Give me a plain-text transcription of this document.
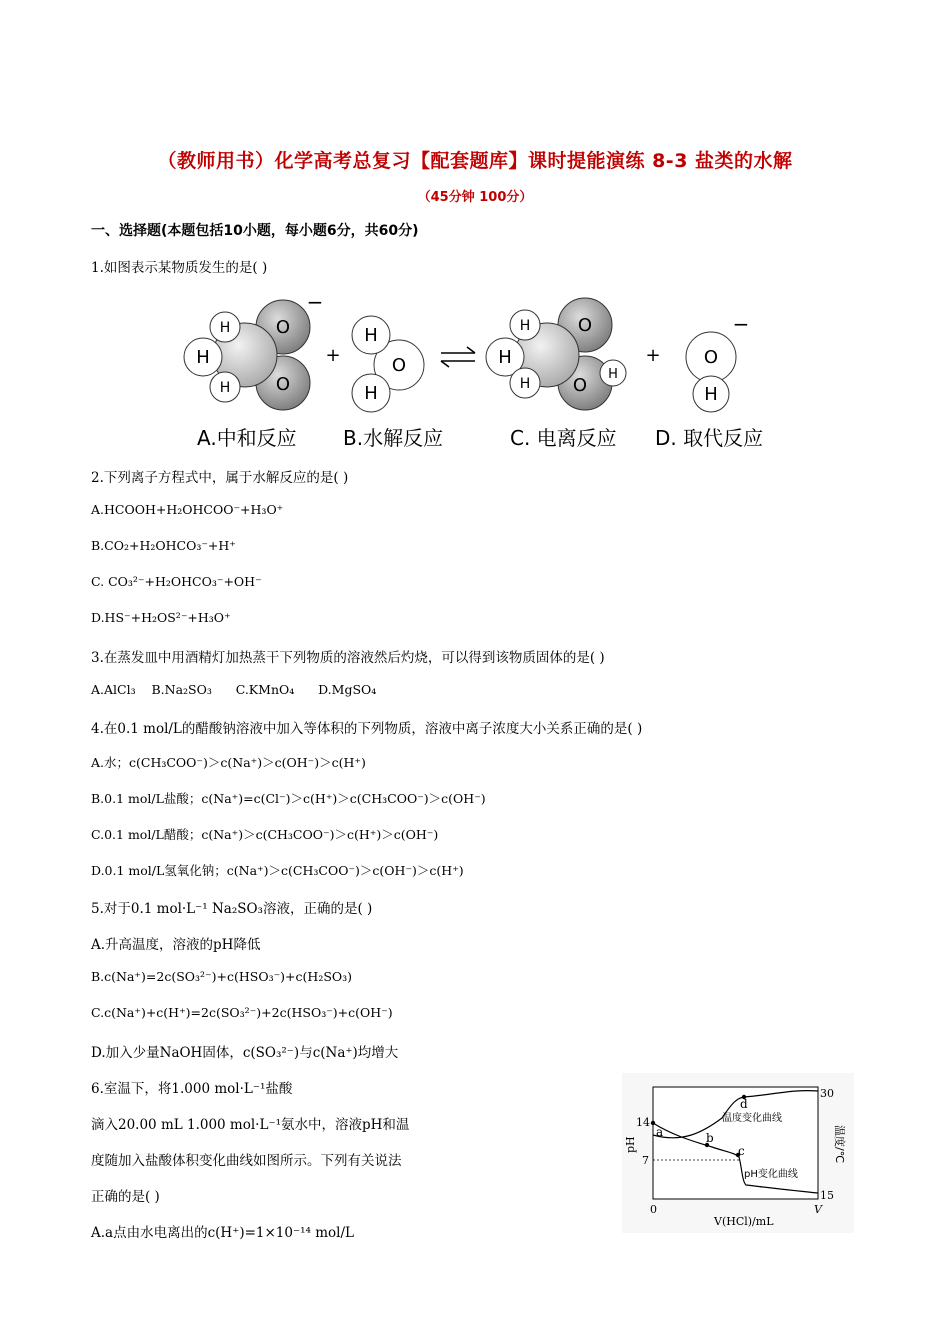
（教师用书）化学高考总复习【配套题库】课时提能演练 8-3 盐类的水解
（45分钟 100分）
一、选择题(本题包括10小题，每小题6分，共60分)
1.如图表示某物质发生的是( )
O
O
H
H
H
−
+	O
H
H
O
O
H
H
H
H
+ O
H
−
A.中和反应 B.水解反应	C. 电离反应 D. 取代反应
2.下列离子方程式中，属于水解反应的是( )
A.HCOOH+H₂OHCOO⁻+H₃O⁺
B.CO₂+H₂OHCO₃⁻+H⁺
C. CO₃²⁻+H₂OHCO₃⁻+OH⁻
D.HS⁻+H₂OS²⁻+H₃O⁺
3.在蒸发皿中用酒精灯加热蒸干下列物质的溶液然后灼烧，可以得到该物质固体的是( )
A.AlCl₃    B.Na₂SO₃      C.KMnO₄      D.MgSO₄
4.在0.1 mol/L的醋酸钠溶液中加入等体积的下列物质，溶液中离子浓度大小关系正确的是( )
A.水；c(CH₃COO⁻)＞c(Na⁺)＞c(OH⁻)＞c(H⁺)
B.0.1 mol/L盐酸；c(Na⁺)=c(Cl⁻)＞c(H⁺)＞c(CH₃COO⁻)＞c(OH⁻)
C.0.1 mol/L醋酸；c(Na⁺)＞c(CH₃COO⁻)＞c(H⁺)＞c(OH⁻)
D.0.1 mol/L氢氧化钠；c(Na⁺)＞c(CH₃COO⁻)＞c(OH⁻)＞c(H⁺)
5.对于0.1 mol·L⁻¹ Na₂SO₃溶液，正确的是( )
A.升高温度，溶液的pH降低
B.c(Na⁺)=2c(SO₃²⁻)+c(HSO₃⁻)+c(H₂SO₃)
C.c(Na⁺)+c(H⁺)=2c(SO₃²⁻)+2c(HSO₃⁻)+c(OH⁻)
D.加入少量NaOH固体，c(SO₃²⁻)与c(Na⁺)均增大
6.室温下，将1.000 mol·L⁻¹盐酸
滴入20.00 mL 1.000 mol·L⁻¹氨水中，溶液pH和温
度随加入盐酸体积变化曲线如图所示。下列有关说法
正确的是( )
A.a点由水电离出的c(H⁺)=1×10⁻¹⁴ mol/L
a	b
c
d
温度变化曲线
pH变化曲线
14
7
30
15
0	V
V(HCl)/mL
pH	温度/℃
